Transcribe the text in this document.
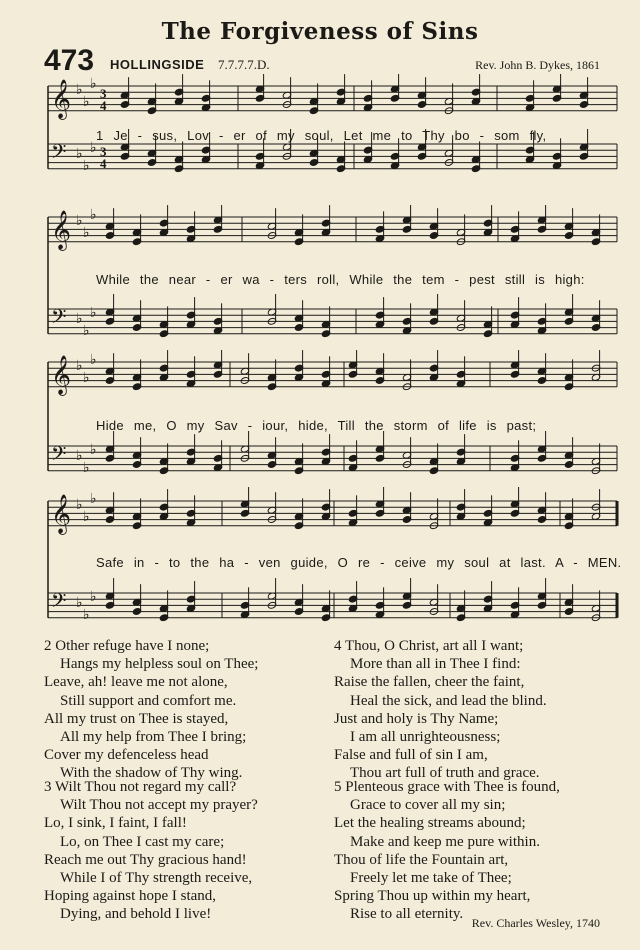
The Forgiveness of Sins
473 HOLLINGSIDE 7.7.7.7.D.	Rev. John B. Dykes, 1861
𝄞 ♭
♭
♭
3
4
𝄢 ♭
♭
♭ 3
4
1 Je - sus, Lov - er of my soul, Let me to Thy bo - som fly,
𝄞 ♭
♭
♭
𝄢 ♭
♭
♭
While the near - er wa - ters roll, While the tem - pest still is high:
𝄞 ♭
♭
♭
𝄢 ♭
♭
♭
Hide me, O my Sav - iour, hide, Till the storm of life is past;
𝄞 ♭
♭
♭
𝄢 ♭
♭
♭
Safe in - to the ha - ven guide, O re - ceive my soul at last. A - MEN.
2 Other refuge have I none;
Hangs my helpless soul on Thee;
Leave, ah! leave me not alone,
Still support and comfort me.
All my trust on Thee is stayed,
All my help from Thee I bring;
Cover my defenceless head
With the shadow of Thy wing.
3 Wilt Thou not regard my call?
Wilt Thou not accept my prayer?
Lo, I sink, I faint, I fall!
Lo, on Thee I cast my care;
Reach me out Thy gracious hand!
While I of Thy strength receive,
Hoping against hope I stand,
Dying, and behold I live!
4 Thou, O Christ, art all I want;
More than all in Thee I find:
Raise the fallen, cheer the faint,
Heal the sick, and lead the blind.
Just and holy is Thy Name;
I am all unrighteousness;
False and full of sin I am,
Thou art full of truth and grace.
5 Plenteous grace with Thee is found,
Grace to cover all my sin;
Let the healing streams abound;
Make and keep me pure within.
Thou of life the Fountain art,
Freely let me take of Thee;
Spring Thou up within my heart,
Rise to all eternity.
Rev. Charles Wesley, 1740
